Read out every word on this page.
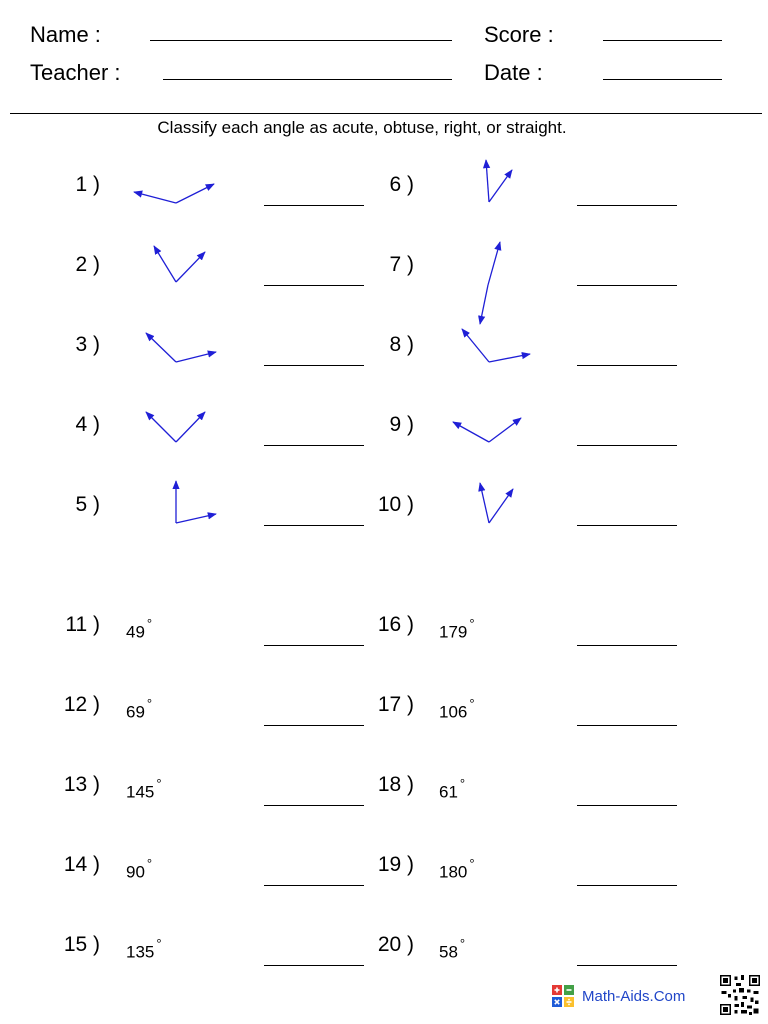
Name :
Teacher :
Score :
Date :
Classify each angle as acute, obtuse, right, or straight.
1 )
2 )
3 )
4 )
5 )
6 )
7 )
8 )
9 )
10 )
11 ) 49 °
12 ) 69 °
13 ) 145 °
14 ) 90 °
15 ) 135 °
16 ) 179 °
17 ) 106 °
18 ) 61 °
19 ) 180 °
20 ) 58 °
Math-Aids.Com
